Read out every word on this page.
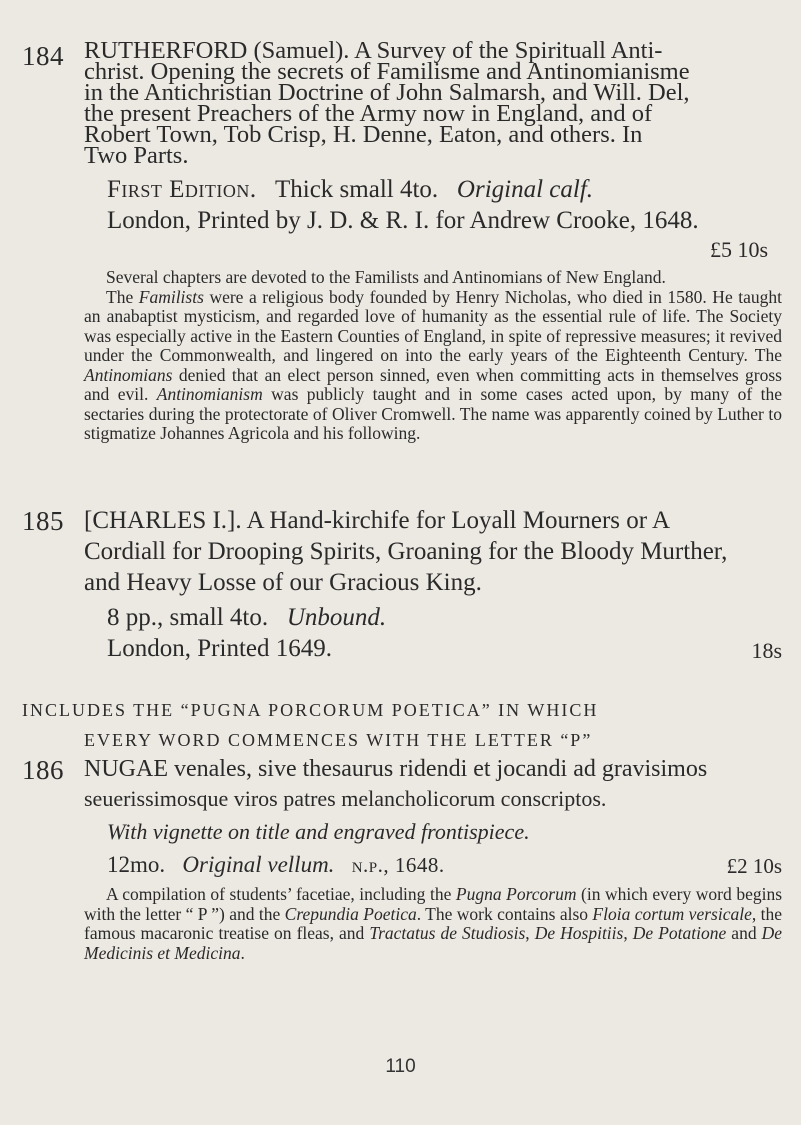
184 RUTHERFORD (Samuel). A Survey of the Spirituall Anti-
christ. Opening the secrets of Familisme and Antinomianisme
in the Antichristian Doctrine of John Salmarsh, and Will. Del,
the present Preachers of the Army now in England, and of
Robert Town, Tob Crisp, H. Denne, Eaton, and others. In
Two Parts.

First Edition. Thick small 4to. Original calf.

London, Printed by J. D. & R. I. for Andrew Crooke, 1648.

£5 10s

Several chapters are devoted to the Familists and Antinomians of New England.

The Familists were a religious body founded by Henry Nicholas, who died in 1580. He taught an anabaptist mysticism, and regarded love of humanity as the essential rule of life. The Society was especially active in the Eastern Counties of England, in spite of repressive measures; it revived under the Commonwealth, and lingered on into the early years of the Eighteenth Century. The Antinomians denied that an elect person sinned, even when committing acts in themselves gross and evil. Antinomianism was publicly taught and in some cases acted upon, by many of the sectaries during the protectorate of Oliver Cromwell. The name was apparently coined by Luther to stigmatize Johannes Agricola and his following.

185 [CHARLES I.]. A Hand-kirchife for Loyall Mourners or A
Cordiall for Drooping Spirits, Groaning for the Bloody Murther,
and Heavy Losse of our Gracious King.

8 pp., small 4to. Unbound.

London, Printed 1649.	18s

INCLUDES THE “PUGNA PORCORUM POETICA” IN WHICH
EVERY WORD COMMENCES WITH THE LETTER “P”
186 NUGAE venales, sive thesaurus ridendi et jocandi ad gravisimos
seuerissimosque viros patres melancholicorum conscriptos.

With vignette on title and engraved frontispiece.

12mo. Original vellum. n.p., 1648.	£2 10s

A compilation of students’ facetiae, including the Pugna Porcorum (in which every word begins with the letter “ P ”) and the Crepundia Poetica. The work contains also Floia cortum versicale, the famous macaronic treatise on fleas, and Tractatus de Studiosis, De Hospitiis, De Potatione and De Medicinis et Medicina.

110
